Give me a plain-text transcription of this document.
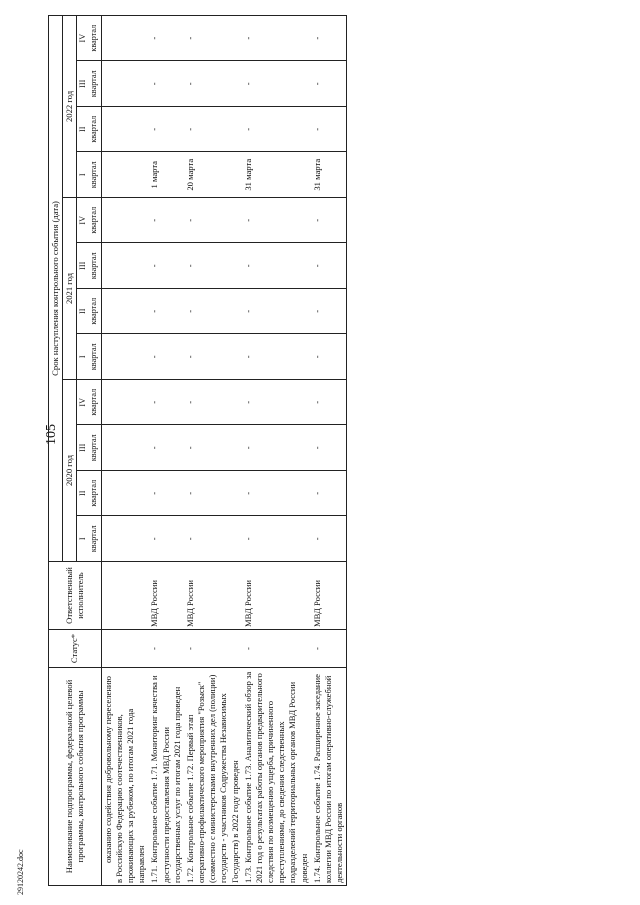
105
29120242.doc	Наименование подпрограммы, федеральной целевой программы, контрольного события программы	Статус*	Ответственный исполнитель	Срок наступления контрольного события (дата)											
			2020 год				2021 год				2022 год			
			I квартал	II квартал	III квартал	IV квартал	I квартал	II квартал	III квартал	IV квартал	I квартал	II квартал	III квартал	IV квартал
оказанию содействия добровольному переселению в Российскую Федерацию соотечественников, проживающих за рубежом, по итогам 2021 года направлен														
1.71.Контрольное событие 1.71. Мониторинг качества и доступности предоставления МВД России государственных услуг по итогам 2021 года проведен	-	МВД России	-	-	-	-	-	-	-	-	1 марта	-	-	-
1.72.Контрольное событие 1.72. Первый этап оперативно-профилактического мероприятия "Розыск" (совместно с министерствами внутренних дел (полиции) государств - участников Содружества Независимых Государств) в 2022 году проведен	-	МВД России	-	-	-	-	-	-	-	-	20 марта	-	-	-
1.73.Контрольное событие 1.73. Аналитический обзор за 2021 год о результатах работы органов предварительного следствия по возмещению ущерба, причиненного преступлениями, до сведения следственных подразделений территориальных органов МВД России доведен	-	МВД России	-	-	-	-	-	-	-	-	31 марта	-	-	-
1.74.Контрольное событие 1.74. Расширенное заседание коллегии МВД России по итогам оперативно-служебной деятельности органов	-	МВД России	-	-	-	-	-	-	-	-	31 марта	-	-	-
